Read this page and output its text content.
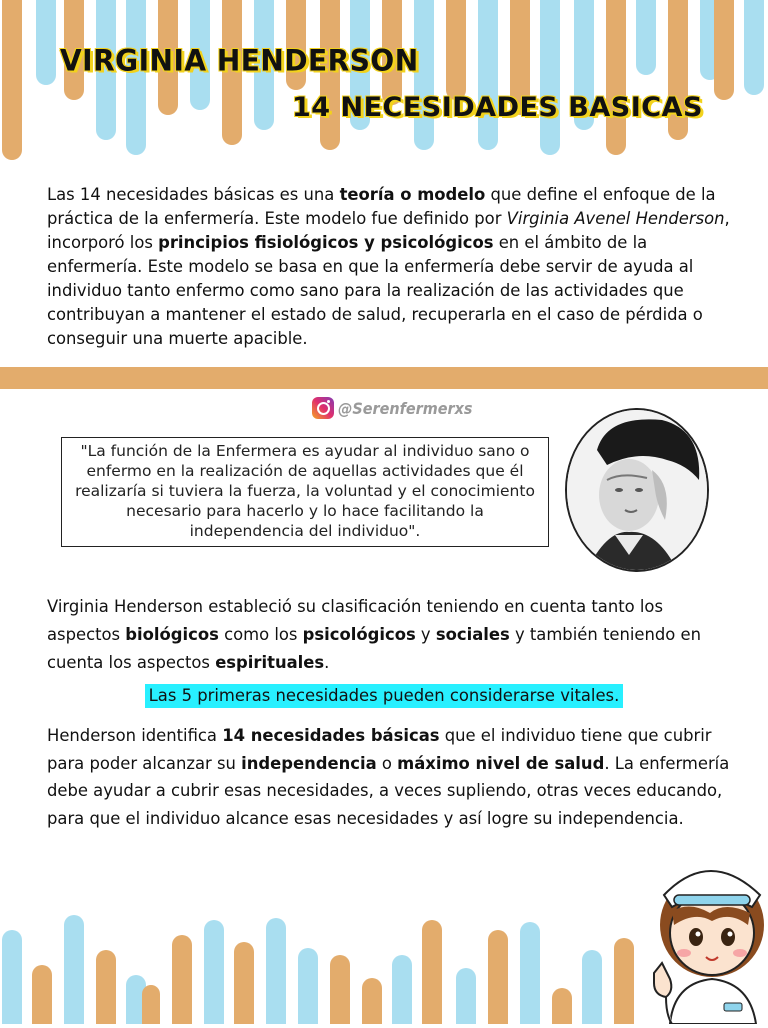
VIRGINIA HENDERSON
14 NECESIDADES BASICAS
Las 14 necesidades básicas es una teoría o modelo que define el enfoque de la práctica de la enfermería. Este modelo fue definido por Virginia Avenel Henderson, incorporó los principios fisiológicos y psicológicos en el ámbito de la enfermería. Este modelo se basa en que la enfermería debe servir de ayuda al individuo tanto enfermo como sano para la realización de las actividades que contribuyan a mantener el estado de salud, recuperarla en el caso de pérdida o conseguir una muerte apacible.
@Serenfermerxs
"La función de la Enfermera es ayudar al individuo sano o enfermo en la realización de aquellas actividades que él realizaría si tuviera la fuerza, la voluntad y el conocimiento necesario para hacerlo y lo hace facilitando la independencia del individuo".
Virginia Henderson estableció su clasificación teniendo en cuenta tanto los aspectos biológicos como los psicológicos y sociales y también teniendo en cuenta los aspectos espirituales.
Las 5 primeras necesidades pueden considerarse vitales.
Henderson identifica 14 necesidades básicas que el individuo tiene que cubrir para poder alcanzar su independencia o máximo nivel de salud. La enfermería debe ayudar a cubrir esas necesidades, a veces supliendo, otras veces educando, para que el individuo alcance esas necesidades y así logre su independencia.
